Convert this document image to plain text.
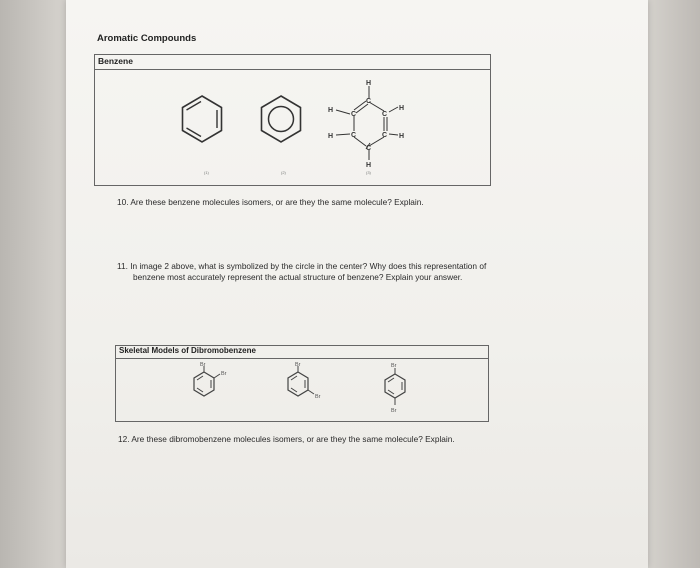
Aromatic Compounds
Benzene
(1)	(2)
H
C
C
C
C
C
C
H
H
H
H
H
(3)
10. Are these benzene molecules isomers, or are they the same molecule? Explain.
11. In image 2 above, what is symbolized by the circle in the center? Why does this representation of
benzene most accurately represent the actual structure of benzene? Explain your answer.
Skeletal Models of Dibromobenzene
Br
Br
Br
Br
Br
Br
12. Are these dibromobenzene molecules isomers, or are they the same molecule? Explain.
